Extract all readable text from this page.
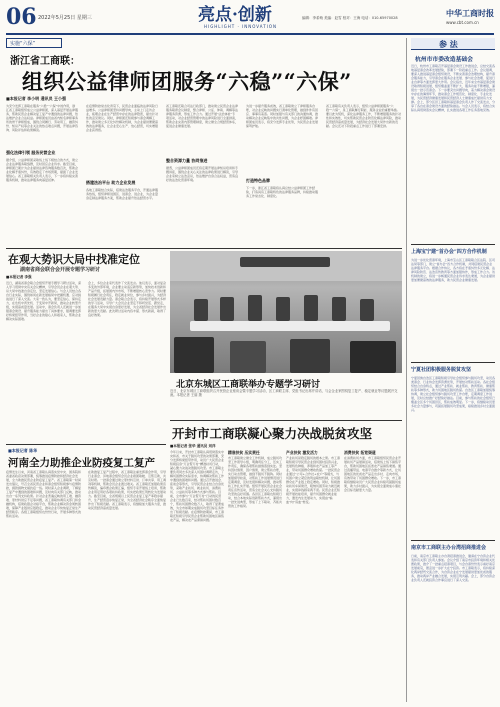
06 2022年5月25日 星期三	亮点·创新
HIGHLIGHT · INNOVATION
编辑：李希萌 美编：赵雪 校对：王海 电话：010-65970028	中华工商时报
www.cbt.com.cn
实施“六保”
浙江省工商联：
组织公益律师团服务“六稳”“六保”
■本报记者 李小明 通讯员 王小强
为充分发挥工商联在服务“六稳”“六保”中的作用，浙江省工商联组织成立公益律师团，深入基层开展法律服务，帮助民营企业解决复工复产中遇到的法律问题，依法维护企业合法权益。律师团成员由省内知名律师事务所的骨干律师组成，围绕合同履行、劳动用工、融资纠纷、知识产权等企业关注的热点难点问题，开展法律咨询、风险评估和政策解读。
强化法律引领 服务民营企业
据介绍，公益律师团采取线上线下相结合的方式，建立企业法律服务联络群，及时回应企业诉求。截至目前，律师团已累计为企业提供法律咨询服务数百次，帮助企业化解矛盾纠纷，有效稳定了市场预期，提振了企业发展信心。省工商联相关负责人表示，下一步将持续完善服务机制，推动法律服务向基层延伸。
在疫情防控常态化背景下，民营企业面临的法律风险日益增多。公益律师团坚持问题导向，主动上门走访企业，梳理企业在生产经营中存在的法律隐患，提出针对性的意见建议。同时，律师团还积极参与商会调解工作，推动建立多元化纠纷解决机制，为企业提供便捷高效的法律服务，让企业安心生产、放心经营，切实增强企业获得感。
搭建法治平台 助力企业发展
各地工商联结合实际，搭建法治服务平台，开通法律服务热线，组织律师进园区、进商会、进企业，为企业量身定制法律服务方案，帮助企业提升依法经营水平。
省工商联还联合司法行政部门，推动建立民营企业法律服务联席会议制度，整合律师、公证、仲裁、调解等法律服务资源，形成工作合力。通过开展“法治体检”专项活动，对企业经营管理中的法律风险进行全面排查，帮助企业完善内部管理制度，建立健全合规经营体系，促进企业健康发展。
整合资源力量 协同推进
据悉，公益律师团成员还将定期开展法律知识培训和专题讲座，围绕企业关心关注的法律政策进行解读，引导企业家树立法治意识，依法维护自身合法权益，营造良好的法治化营商环境。
为进一步提升服务质效，省工商联建立了律师服务台账，对企业反映的问题实行清单化管理，做到件件有回应、事事有着落。同时加强与有关部门的沟通协调，推动解决企业反映集中的共性问题，为企业纾困解难。律师团成员表示，将充分发挥专业优势，为民营企业发展保驾护航。
打造特色品牌
下一步，浙江省工商联将认真总结公益律师团工作经验，打造具有工商联特色的法律服务品牌，持续推动服务工作常态化、制度化。
省工商联有关负责人表示，组织公益律师团服务“六稳”“六保”，是工商联履行职能、服务企业的重要举措。要以此为契机，深化法律服务工作，不断增强服务的针对性和实效性，切实帮助民营企业防范化解法律风险，推动民营经济高质量发展，为经济社会发展大局作出新的贡献。会议还对下阶段重点工作进行了部署安排。
在观大势识大局中找准定位
湖南省商会联合会开展专题学习研讨
■本报记者 李强
近日，湖南省商会联合会组织开展专题学习研讨活动，深入学习贯彻中央有关会议精神，引导会员企业在观大势、识大局中找准自身定位，坚定发展信心。与会人员结合各自行业实际，围绕如何在新发展格局中把握机遇、应对挑战进行了深入交流。大家一致认为，要坚定信心、保持定力，在危机中育先机、于变局中开新局，推动企业转型升级，实现高质量发展。活动中，商会负责人还就进一步加强商会建设、提升服务能力提出了具体要求，强调要发挥好桥梁纽带作用，当好企业的贴心人和娘家人，帮助企业解决实际困难。
会上，多位企业家代表作了交流发言。他们表示，面对复杂多变的外部环境，企业要主动适应新形势，加快技术创新和产品升级，拓展国内外市场，不断增强核心竞争力。同时要积极履行社会责任，稳定就业岗位，参与乡村振兴，为经济社会发展贡献力量。商会联合会表示，将持续开展形式多样的学习活动，引导广大会员企业坚定不移听党话、跟党走，在服务大局中实现自身更好发展，为全省经济社会发展作出新的更大贡献。此次研讨活动内容丰富、形式新颖，取得了良好效果。
北京东城区工商联举办专题学习研讨
近日，北京东城区工商联组织召开民营企业座谈会暨专题学习活动，区工商联主席、党组书记出席并讲话，与会企业家围绕复工复产、稳定就业等议题展开交流。本报记者 王丽 摄
开封市工商联凝心聚力决战脱贫攻坚
■本报记者 张华 通讯员 刘洋
今年以来，开封市工商联认真贯彻落实中央和省、市关于脱贫攻坚的决策部署，充分发挥桥梁纽带作用，动员广大民营企业积极投身“万企帮万村”精准扶贫行动，凝心聚力决战决胜脱贫攻坚。市工商联主要负责同志多次深入贫困村调研走访，了解贫困群众实际需求，协调解决帮扶工作中遇到的困难和问题。通过召开推进会、座谈会等形式，引导民营企业结合自身优势，采取产业扶贫、就业扶贫、消费扶贫、公益扶贫等多种方式参与帮扶。目前，全市参与“万企帮万村”行动的民营企业已达数百家，结对帮扶贫困村数百个，帮扶贫困群众数万人，取得了显著成效，为全市如期完成脱贫攻坚目标任务作出了积极贡献。在疫情防控期间，市工商联还积极引导民营企业帮助贫困地区销售农产品，解决农产品滞销问题。
精准扶贫 压实责任
市工商联建立健全工作机制，成立脱贫攻坚工作领导小组，明确责任分工，压实工作责任，确保各项帮扶措施落到实处。坚持因村施策、因户施策，建立帮扶台账，实行动态管理，做到不脱贫不脱钩。同时加强督导检查，对帮扶工作进展情况进行定期调度，及时发现和解决问题，推动帮扶工作扎实开展。组织开展民营企业社会责任宣传活动，营造全社会关心支持脱贫攻坚的良好氛围。各县区工商联也积极行动，结合本地实际创新帮扶方式，涌现出一批先进典型，形成了上下联动、齐抓共管的工作格局。
产业扶贫 激发活力
产业扶贫是稳定脱贫的根本之策。市工商联积极引导民营企业到贫困村投资兴业，发展特色种植、养殖和农产品加工等产业，带动贫困群众增收致富。一批民营企业通过“公司+合作社+农户”等模式，与贫困户建立紧密的利益联结机制，让贫困群众在产业链上稳定增收。同时，积极推动扶贫车间建设，吸纳贫困劳动力就近就业，实现挣钱顾家两不误。民营企业还积极开展技能培训，提升贫困群众就业能力，激发内生发展动力，实现由“输血”向“造血”转变。
消费扶贫 拓宽渠道
在消费扶贫方面，市工商联组织民营企业开展扶贫产品展销活动，搭建线上线下销售平台，帮助贫困地区拓宽农产品销售渠道。通过直播带货、电商平台推介等新方式，让贫困地区的优质农产品走出乡村、走向市场，有效带动了贫困群众增收。下一步，市工商联将继续动员广大民营企业持续巩固脱贫成果，助力乡村振兴，为实现全面建成小康社会目标贡献更大力量。
■本报记者 陈华
河南全力助推企业防疫复工复产
疫情发生以来，河南省工商联认真落实党中央、国务院和省委省政府决策部署，统筹推进疫情防控和经济社会发展，全力助推民营企业防疫复工复产。省工商联第一时间发出倡议，号召全省民营企业和商会组织积极参与疫情防控，捐款捐物支援抗疫一线。同时深入企业调研，了解复工复产中遇到的困难和问题，及时向有关部门反映，推动出台一系列支持政策。针对企业普遍反映的用工难、融资难、原材料供应不足等问题，省工商联协调有关部门和金融机构，搭建政银企对接平台，帮助企业解决资金周转困难，保障产业链供应链稳定，推动企业尽快恢复正常生产经营秩序。各级工商联组织也纷纷行动，开展多种形式的帮扶活动。
在助推复工复产过程中，省工商联注重发挥商会作用，引导行业商会、异地商会组织会员企业抱团取暖、互帮互助，共克时艰。一批商会通过建立原材料互供、订单共享、用工调剂等机制，帮助会员企业渡过难关。省工商联还加强政策宣传解读，编印惠企政策汇编，组织专家开展线上培训，帮助企业用足用好各项扶持政策，切实把政策红利转化为发展动力。截至目前，全省规模以上民营企业复工复产率稳步提升，生产经营逐步恢复正常，为全省经济社会秩序全面恢复作出了积极贡献。省工商联表示，将继续加大服务力度，推动民营经济高质量发展。
参 法
杭州市市委改造基础会
近日，杭州市工商联召开基层商会建设工作推进会，总结交流各地基层商会改革发展经验，部署下一阶段重点工作。会议强调，要深入推进基层商会组织建设，不断完善商会治理结构，提升商会服务能力，引导商会在服务企业发展、参与社会治理、促进行业自律等方面发挥更大作用。会议指出，近年来全市基层商会建设取得积极进展，组织覆盖面不断扩大，服务功能不断增强，涌现出一批示范商会。下一步要突出问题导向，着力解决商会建设中存在的薄弱环节，推动商会工作规范化、制度化、专业化发展，为民营经济健康发展和民营经济人士健康成长提供有力支撑。会上，部分区县工商联和基层商会负责人作了交流发言，分享了各自在商会建设方面的经验做法。与会人员表示，将结合实际认真贯彻落实会议精神，扎实推进各项工作任务落地见效。
上海宝宁建“首办会”四方合作机制
为进一步优化营商环境，上海市宝山区工商联联合区法院、区司法局等部门，建立“首办会”四方合作机制，共同搭建民营企业法律服务平台。根据合作协议，各方将在矛盾纠纷多元化解、法律风险防范、法治宣传教育等方面加强协作，形成工作合力。该机制的建立，将进一步畅通民营企业诉求表达渠道，为企业提供更加便捷高效的法律服务，助力民营企业健康发展。
宁夏社团积极服务脱贫攻坚
宁夏回族自治区工商联积极引导社会组织参与脱贫攻坚，动员各类商会、行业协会发挥资源优势，开展结对帮扶活动。各社会组织结合自身特点，通过产业帮扶、就业帮扶、教育帮扶、健康帮扶等多种形式，助力贫困地区脱贫致富。自治区工商联加强统筹协调，建立社会组织参与脱贫攻坚工作台账，定期调度工作进展，及时总结推广好经验好做法。目前，参与帮扶的社会组织已覆盖全区多个贫困县区，帮扶成效明显。下一步，将继续动员更多社会力量参与，巩固拓展脱贫攻坚成果，接续推进乡村全面振兴。
南京市工商联主办台湾招商推进会
日前，南京市工商联主办台湾招商推进会，邀请在宁台资企业代表和有关部门负责人参加。会议介绍了南京市投资环境和相关优惠政策，推介了一批重点招商项目，与会台商纷纷表示看好南京发展前景，愿意进一步扩大在宁投资。市工商联表示，将持续深化两岸经贸交流合作，为台资企业在宁发展提供更加优质的服务，推动两岸产业融合发展，实现互利共赢。会上，部分台资企业负责人还就投资合作事宜进行了深入交流。
